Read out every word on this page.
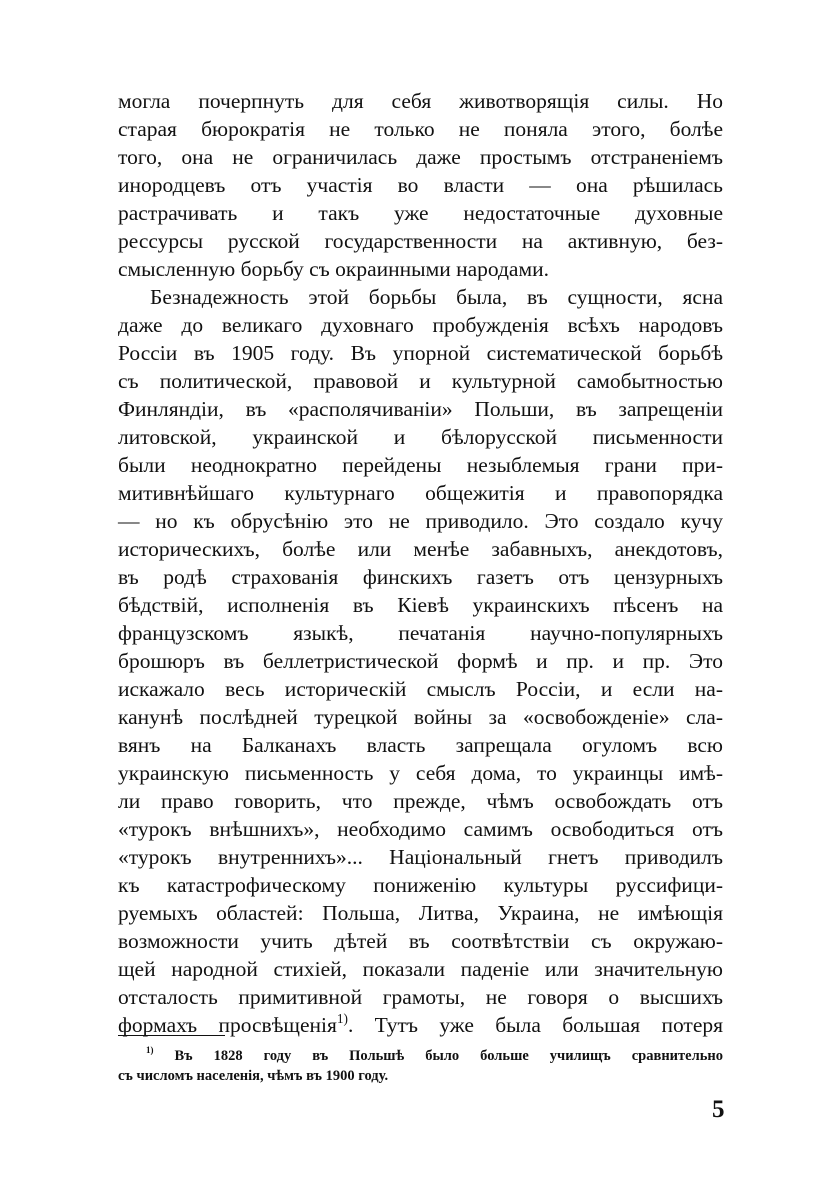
могла почерпнуть для себя животворящія силы. Но
старая бюрократія не только не поняла этого, болѣе
того, она не ограничилась даже простымъ отстраненіемъ
инородцевъ отъ участія во власти — она рѣшилась
растрачивать и такъ уже недостаточные духовные
рессурсы русской государственности на активную, без-
смысленную борьбу съ окраинными народами.
Безнадежность этой борьбы была, въ сущности, ясна
даже до великаго духовнаго пробужденія всѣхъ народовъ
Россіи въ 1905 году. Въ упорной систематической борьбѣ
съ политической, правовой и культурной самобытностью
Финляндіи, въ «располячиваніи» Польши, въ запрещеніи
литовской, украинской и бѣлорусской письменности
были неоднократно перейдены незыблемыя грани при-
митивнѣйшаго культурнаго общежитія и правопорядка
— но къ обрусѣнію это не приводило. Это создало кучу
историческихъ, болѣе или менѣе забавныхъ, анекдотовъ,
въ родѣ страхованія финскихъ газетъ отъ цензурныхъ
бѣдствій, исполненія въ Кіевѣ украинскихъ пѣсенъ на
французскомъ языкѣ, печатанія научно-популярныхъ
брошюръ въ беллетристической формѣ и пр. и пр. Это
искажало весь историческій смыслъ Россіи, и если на-
канунѣ послѣдней турецкой войны за «освобожденіе» сла-
вянъ на Балканахъ власть запрещала огуломъ всю
украинскую письменность у себя дома, то украинцы имѣ-
ли право говорить, что прежде, чѣмъ освобождать отъ
«турокъ внѣшнихъ», необходимо самимъ освободиться отъ
«турокъ внутреннихъ»... Національный гнетъ приводилъ
къ катастрофическому пониженію культуры руссифици-
руемыхъ областей: Польша, Литва, Украина, не имѣющія
возможности учить дѣтей въ соотвѣтствіи съ окружаю-
щей народной стихіей, показали паденіе или значительную
отсталость примитивной грамоты, не говоря о высшихъ
формахъ просвѣщенія$^{1)}$. Тутъ уже была большая потеря
$^{1)}$ Въ 1828 году въ Польшѣ было больше училищъ сравнительно
съ числомъ населенія, чѣмъ въ 1900 году.
5
